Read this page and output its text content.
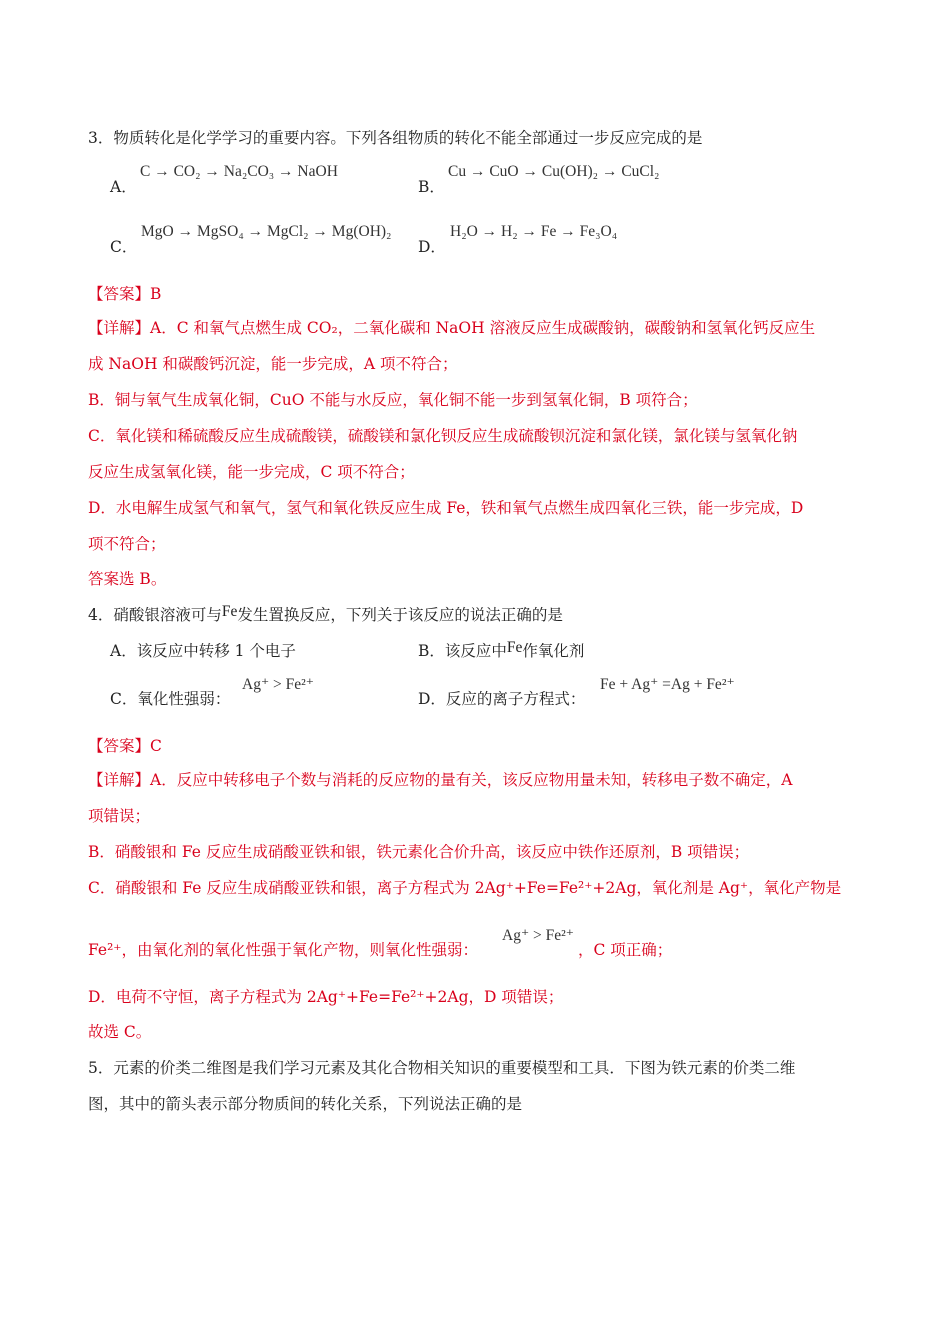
3．物质转化是化学学习的重要内容。下列各组物质的转化不能全部通过一步反应完成的是
A．
C → CO₂ → Na₂CO₃ → NaOH
B．
Cu → CuO → Cu(OH)₂ → CuCl₂
C．
MgO → MgSO₄ → MgCl₂ → Mg(OH)₂
D．
H₂O → H₂ → Fe → Fe₃O₄
【答案】B
【详解】A．C 和氧气点燃生成 CO₂，二氧化碳和 NaOH 溶液反应生成碳酸钠，碳酸钠和氢氧化钙反应生
成 NaOH 和碳酸钙沉淀，能一步完成，A 项不符合；
B．铜与氧气生成氧化铜，CuO 不能与水反应，氧化铜不能一步到氢氧化铜，B 项符合；
C．氧化镁和稀硫酸反应生成硫酸镁，硫酸镁和氯化钡反应生成硫酸钡沉淀和氯化镁，氯化镁与氢氧化钠
反应生成氢氧化镁，能一步完成，C 项不符合；
D．水电解生成氢气和氧气，氢气和氧化铁反应生成 Fe，铁和氧气点燃生成四氧化三铁，能一步完成，D
项不符合；
答案选 B。
4．硝酸银溶液可与Fe发生置换反应，下列关于该反应的说法正确的是
A．该反应中转移 1 个电子	B．该反应中Fe作氧化剂
C．氧化性强弱：
Ag⁺ > Fe²⁺
D．反应的离子方程式：
Fe + Ag⁺ =Ag + Fe²⁺
【答案】C
【详解】A．反应中转移电子个数与消耗的反应物的量有关，该反应物用量未知，转移电子数不确定，A
项错误；
B．硝酸银和 Fe 反应生成硝酸亚铁和银，铁元素化合价升高，该反应中铁作还原剂，B 项错误；
C．硝酸银和 Fe 反应生成硝酸亚铁和银，离子方程式为 2Ag⁺+Fe=Fe²⁺+2Ag，氧化剂是 Ag⁺，氧化产物是
Fe²⁺，由氧化剂的氧化性强于氧化产物，则氧化性强弱：	，C 项正确；
Ag⁺ > Fe²⁺
D．电荷不守恒，离子方程式为 2Ag⁺+Fe=Fe²⁺+2Ag，D 项错误；
故选 C。
5．元素的价类二维图是我们学习元素及其化合物相关知识的重要模型和工具．下图为铁元素的价类二维
图，其中的箭头表示部分物质间的转化关系，下列说法正确的是
